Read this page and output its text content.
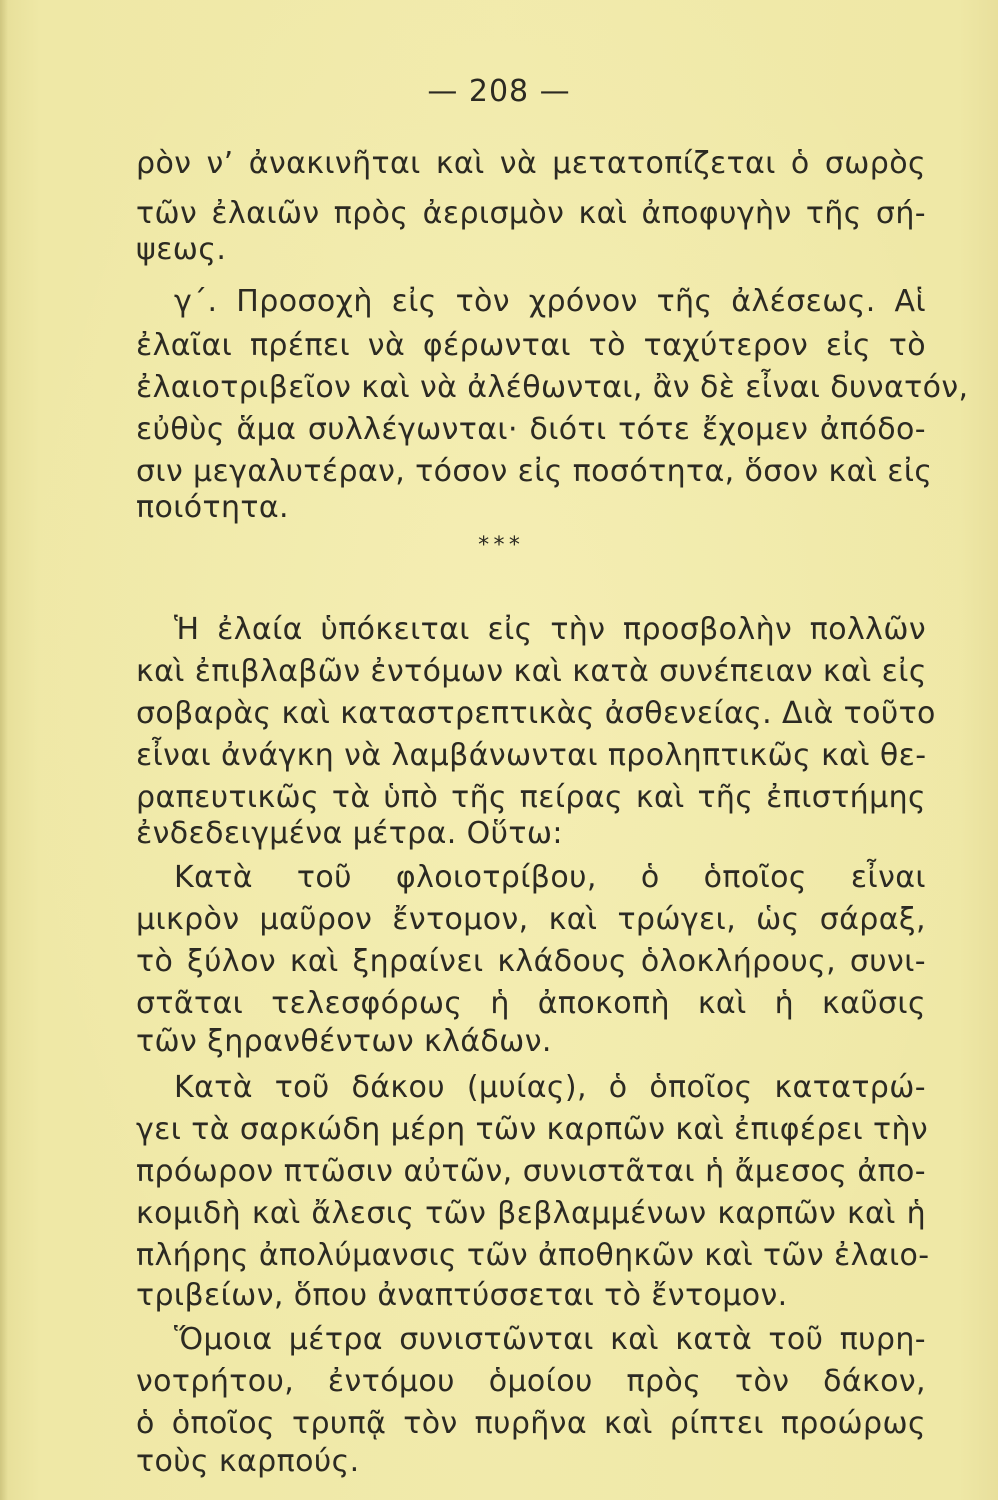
— 208 —
ρὸν ν’ ἀνακινῆται καὶ νὰ μετατοπίζεται ὁ σωρὸς
τῶν ἐλαιῶν πρὸς ἀερισμὸν καὶ ἀποφυγὴν τῆς σή-
ψεως.
γ΄. Προσοχὴ εἰς τὸν χρόνον τῆς ἀλέσεως. Αἱ
ἐλαῖαι πρέπει νὰ φέρωνται τὸ ταχύτερον εἰς τὸ
ἐλαιοτριβεῖον καὶ νὰ ἀλέθωνται, ἂν δὲ εἶναι δυνατόν,
εὐθὺς ἅμα συλλέγωνται· διότι τότε ἔχομεν ἀπόδο-
σιν μεγαλυτέραν, τόσον εἰς ποσότητα, ὅσον καὶ εἰς
ποιότητα.
* * *
Ἡ ἐλαία ὑπόκειται εἰς τὴν προσβολὴν πολλῶν
καὶ ἐπιβλαβῶν ἐντόμων καὶ κατὰ συνέπειαν καὶ εἰς
σοβαρὰς καὶ καταστρεπτικὰς ἀσθενείας. Διὰ τοῦτο
εἶναι ἀνάγκη νὰ λαμβάνωνται προληπτικῶς καὶ θε-
ραπευτικῶς τὰ ὑπὸ τῆς πείρας καὶ τῆς ἐπιστήμης
ἐνδεδειγμένα μέτρα. Οὕτω:
Κατὰ τοῦ φλοιοτρίβου, ὁ ὁποῖος εἶναι
μικρὸν μαῦρον ἔντομον, καὶ τρώγει, ὡς σάραξ,
τὸ ξύλον καὶ ξηραίνει κλάδους ὁλοκλήρους, συνι-
στᾶται τελεσφόρως ἡ ἀποκοπὴ καὶ ἡ καῦσις
τῶν ξηρανθέντων κλάδων.
Κατὰ τοῦ δάκου (μυίας), ὁ ὁποῖος κατατρώ-
γει τὰ σαρκώδη μέρη τῶν καρπῶν καὶ ἐπιφέρει τὴν
πρόωρον πτῶσιν αὐτῶν, συνιστᾶται ἡ ἄμεσος ἀπο-
κομιδὴ καὶ ἄλεσις τῶν βεβλαμμένων καρπῶν καὶ ἡ
πλήρης ἀπολύμανσις τῶν ἀποθηκῶν καὶ τῶν ἐλαιο-
τριβείων, ὅπου ἀναπτύσσεται τὸ ἔντομον.
Ὅμοια μέτρα συνιστῶνται καὶ κατὰ τοῦ πυρη-
νοτρήτου, ἐντόμου ὁμοίου πρὸς τὸν δάκον,
ὁ ὁποῖος τρυπᾷ τὸν πυρῆνα καὶ ρίπτει προώρως
τοὺς καρπούς.
